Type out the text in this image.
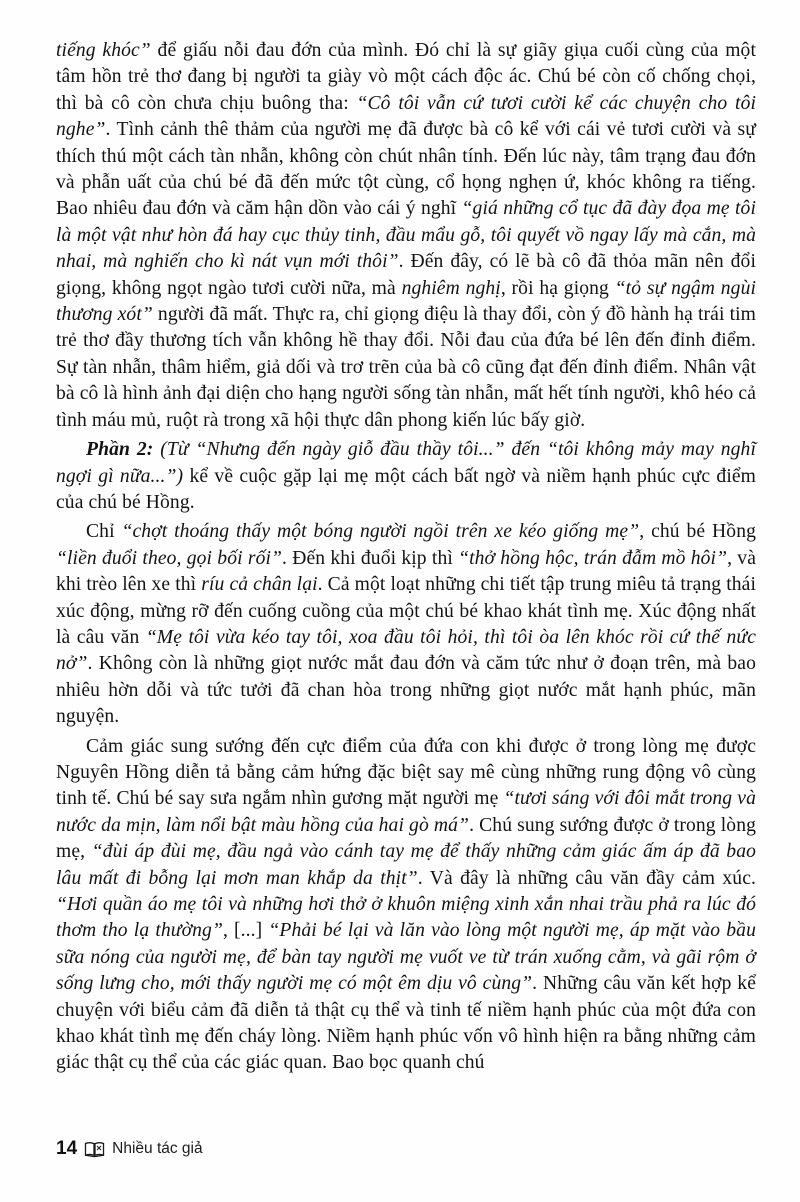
tiếng khóc” để giấu nỗi đau đớn của mình. Đó chỉ là sự giãy giụa cuối cùng của một tâm hồn trẻ thơ đang bị người ta giày vò một cách độc ác. Chú bé còn cố chống chọi, thì bà cô còn chưa chịu buông tha: “Cô tôi vẫn cứ tươi cười kể các chuyện cho tôi nghe”. Tình cảnh thê thảm của người mẹ đã được bà cô kể với cái vẻ tươi cười và sự thích thú một cách tàn nhẫn, không còn chút nhân tính. Đến lúc này, tâm trạng đau đớn và phẫn uất của chú bé đã đến mức tột cùng, cổ họng nghẹn ứ, khóc không ra tiếng. Bao nhiêu đau đớn và căm hận dồn vào cái ý nghĩ “giá những cổ tục đã đày đọa mẹ tôi là một vật như hòn đá hay cục thủy tinh, đầu mẩu gỗ, tôi quyết vồ ngay lấy mà cắn, mà nhai, mà nghiến cho kì nát vụn mới thôi”. Đến đây, có lẽ bà cô đã thỏa mãn nên đổi giọng, không ngọt ngào tươi cười nữa, mà nghiêm nghị, rồi hạ giọng “tỏ sự ngậm ngùi thương xót” người đã mất. Thực ra, chỉ giọng điệu là thay đổi, còn ý đồ hành hạ trái tim trẻ thơ đầy thương tích vẫn không hề thay đổi. Nỗi đau của đứa bé lên đến đỉnh điểm. Sự tàn nhẫn, thâm hiểm, giả dối và trơ trẽn của bà cô cũng đạt đến đỉnh điểm. Nhân vật bà cô là hình ảnh đại diện cho hạng người sống tàn nhẫn, mất hết tính người, khô héo cả tình máu mủ, ruột rà trong xã hội thực dân phong kiến lúc bấy giờ.

Phần 2: (Từ “Nhưng đến ngày giỗ đầu thầy tôi...” đến “tôi không mảy may nghĩ ngợi gì nữa...”) kể về cuộc gặp lại mẹ một cách bất ngờ và niềm hạnh phúc cực điểm của chú bé Hồng.

Chỉ “chợt thoáng thấy một bóng người ngồi trên xe kéo giống mẹ”, chú bé Hồng “liền đuổi theo, gọi bối rối”. Đến khi đuổi kịp thì “thở hồng hộc, trán đẫm mồ hôi”, và khi trèo lên xe thì ríu cả chân lại. Cả một loạt những chi tiết tập trung miêu tả trạng thái xúc động, mừng rỡ đến cuống cuồng của một chú bé khao khát tình mẹ. Xúc động nhất là câu văn “Mẹ tôi vừa kéo tay tôi, xoa đầu tôi hỏi, thì tôi òa lên khóc rồi cứ thế nức nở”. Không còn là những giọt nước mắt đau đớn và căm tức như ở đoạn trên, mà bao nhiêu hờn dỗi và tức tưởi đã chan hòa trong những giọt nước mắt hạnh phúc, mãn nguyện.

Cảm giác sung sướng đến cực điểm của đứa con khi được ở trong lòng mẹ được Nguyên Hồng diễn tả bằng cảm hứng đặc biệt say mê cùng những rung động vô cùng tinh tế. Chú bé say sưa ngắm nhìn gương mặt người mẹ “tươi sáng với đôi mắt trong và nước da mịn, làm nổi bật màu hồng của hai gò má”. Chú sung sướng được ở trong lòng mẹ, “đùi áp đùi mẹ, đầu ngả vào cánh tay mẹ để thấy những cảm giác ấm áp đã bao lâu mất đi bỗng lại mơn man khắp da thịt”. Và đây là những câu văn đầy cảm xúc. “Hơi quần áo mẹ tôi và những hơi thở ở khuôn miệng xinh xắn nhai trầu phả ra lúc đó thơm tho lạ thường”, [...] “Phải bé lại và lăn vào lòng một người mẹ, áp mặt vào bầu sữa nóng của người mẹ, để bàn tay người mẹ vuốt ve từ trán xuống cằm, và gãi rộm ở sống lưng cho, mới thấy người mẹ có một êm dịu vô cùng”. Những câu văn kết hợp kể chuyện với biểu cảm đã diễn tả thật cụ thể và tinh tế niềm hạnh phúc của một đứa con khao khát tình mẹ đến cháy lòng. Niềm hạnh phúc vốn vô hình hiện ra bằng những cảm giác thật cụ thể của các giác quan. Bao bọc quanh chú

14 Nhiều tác giả
